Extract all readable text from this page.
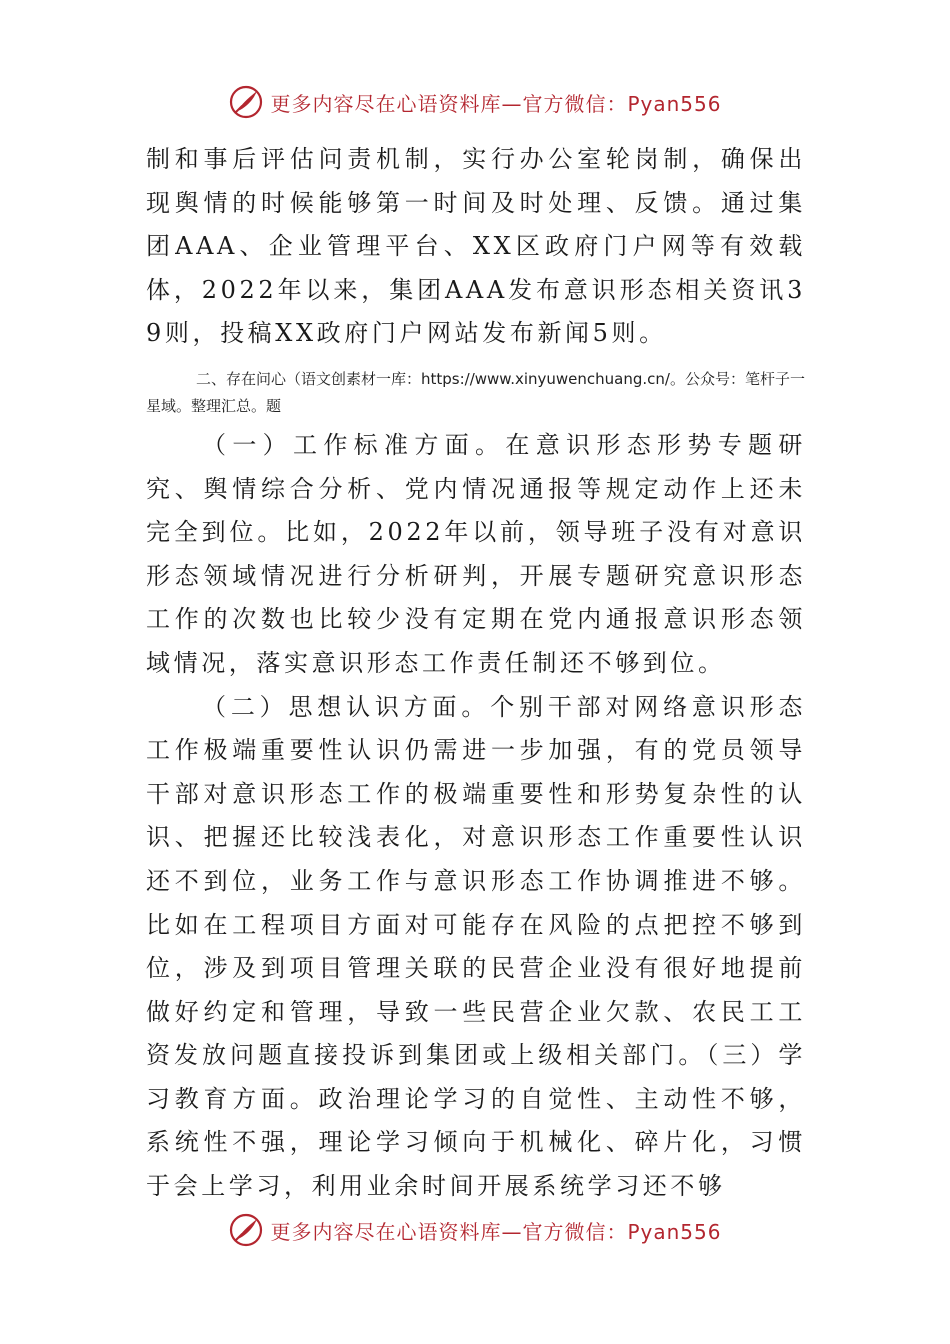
更多内容尽在心语资料库—官方微信：Pyan556

制和事后评估问责机制，实行办公室轮岗制，确保出现舆情的时候能够第一时间及时处理、反馈。通过集团AAA、企业管理平台、XX区政府门户网等有效载体，2022年以来，集团AAA发布意识形态相关资讯39则，投稿XX政府门户网站发布新闻5则。

二、存在问心（语文创素材一库：https://www.xinyuwenchuang.cn/。公众号：笔杆子一星域。整理汇总。题

（一）工作标准方面。在意识形态形势专题研究、舆情综合分析、党内情况通报等规定动作上还未完全到位。比如，2022年以前，领导班子没有对意识形态领域情况进行分析研判，开展专题研究意识形态工作的次数也比较少没有定期在党内通报意识形态领域情况，落实意识形态工作责任制还不够到位。

（二）思想认识方面。个别干部对网络意识形态工作极端重要性认识仍需进一步加强，有的党员领导干部对意识形态工作的极端重要性和形势复杂性的认识、把握还比较浅表化，对意识形态工作重要性认识还不到位，业务工作与意识形态工作协调推进不够。比如在工程项目方面对可能存在风险的点把控不够到位，涉及到项目管理关联的民营企业没有很好地提前做好约定和管理，导致一些民营企业欠款、农民工工资发放问题直接投诉到集团或上级相关部门。（三）学习教育方面。政治理论学习的自觉性、主动性不够，系统性不强，理论学习倾向于机械化、碎片化，习惯于会上学习，利用业余时间开展系统学习还不够

更多内容尽在心语资料库—官方微信：Pyan556
